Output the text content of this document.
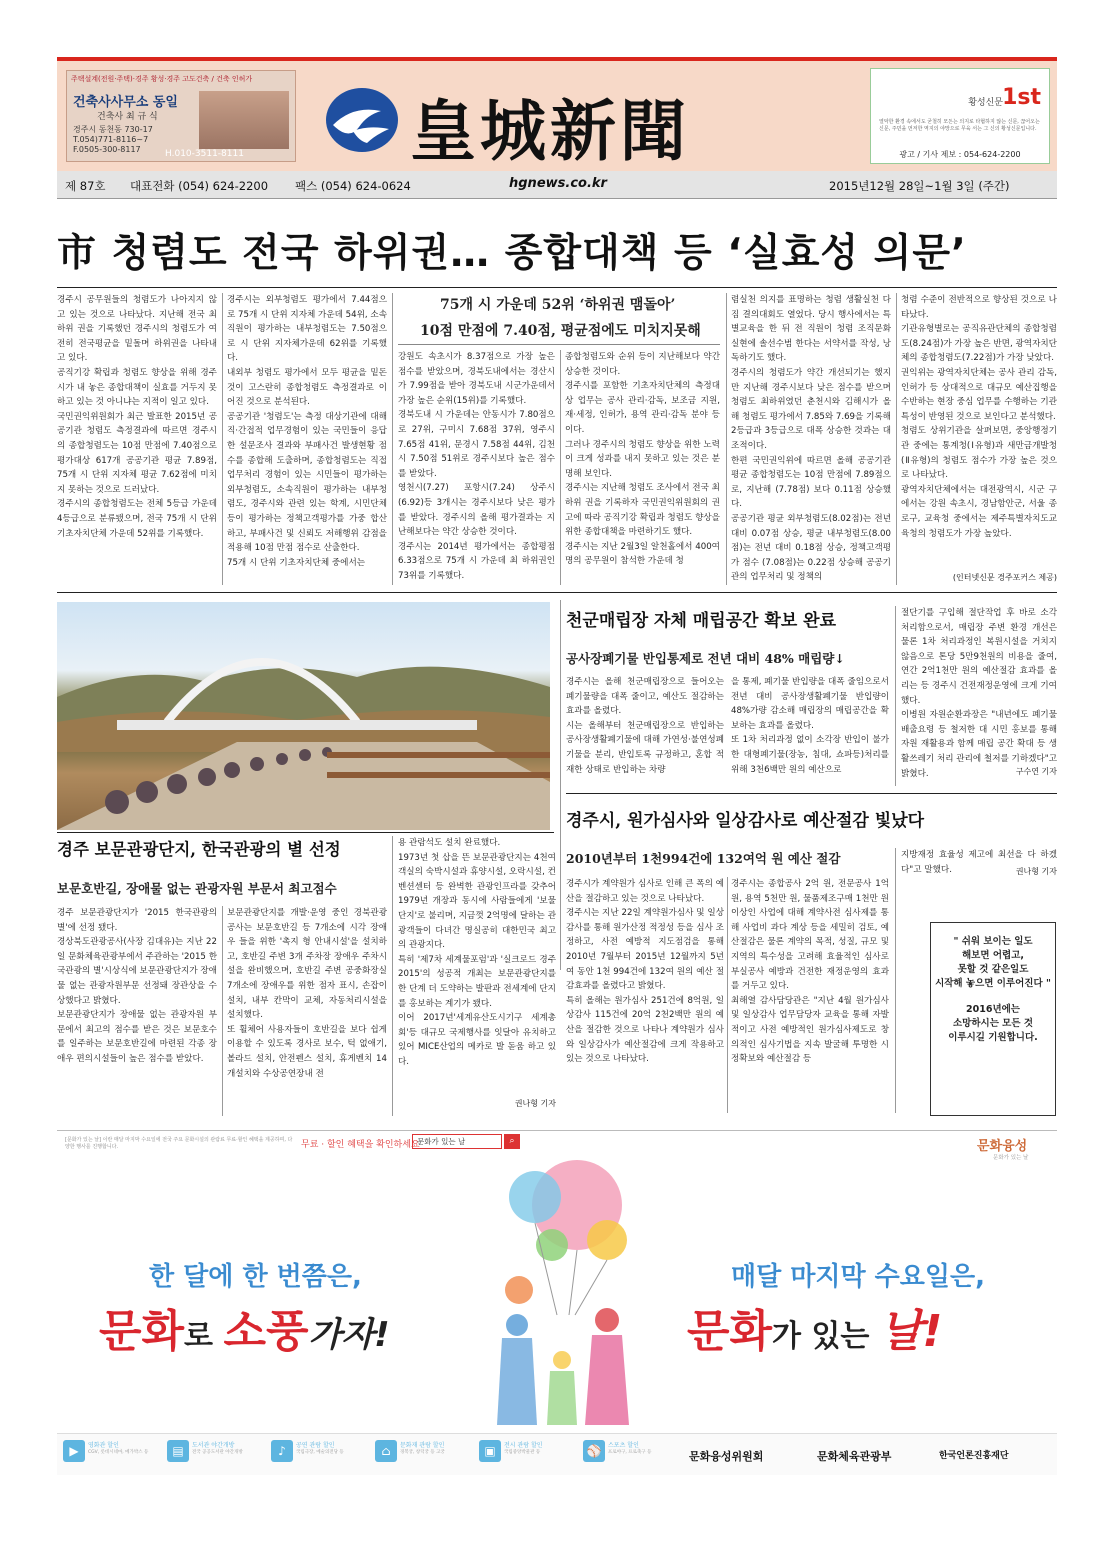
주택설계(전원·주택)·경주 황성·경주 고도건축 / 건축 인허가
건축사사무소 동일
건축사 최 규 식
경주시 동천동 730-17
T.054)771-8116~7
F.0505-300-8117	H.010-3511-8111	皇城新聞	황성신문 1st
열악한 환경 속에서도 굳철히 모든는 의지로 타협하지 않는 신문, 끊어오는 신문, 주민을 먼저한 역지의 야망으로 무육 서는 그 신의 황성신문입니다.
광고 / 기사 제보 : 054-624-2200
제 87호 대표전화 (054) 624-2200 팩스 (054) 624-0624	hgnews.co.kr	2015년12월 28일~1월 3일 (주간)
市 청렴도 전국 하위권… 종합대책 등 ‘실효성 의문’
경주시 공무원들의 청렴도가 나아지지 않고 있는 것으로 나타났다. 지난해 전국 최하위 권을 기록했던 경주시의 청렴도가 여전히 전국평균을 밑돌며 하위권을 나타내고 있다.
공직기강 확립과 청렴도 향상을 위해 경주시가 내 놓은 종합대책이 실효를 거두지 못하고 있는 것 아니냐는 지적이 일고 있다.
국민권익위원회가 최근 발표한 2015년 공공기관 청렴도 측정결과에 따르면 경주시의 종합청렴도는 10점 만점에 7.40점으로 평가대상 617개 공공기관 평균 7.89점, 75개 시 단위 지자체 평균 7.62점에 미치지 못하는 것으로 드러났다.
경주시의 종합청렴도는 전체 5등급 가운데 4등급으로 분류됐으며, 전국 75개 시 단위 기초자치단체 가운데 52위를 기록했다.
경주시는 외부청렴도 평가에서 7.44점으로 75개 시 단위 지자체 가운데 54위, 소속직원이 평가하는 내부청렴도는 7.50점으로 시 단위 지자체가운데 62위를 기록했다.
내외부 청렴도 평가에서 모두 평균을 밑돈 것이 고스란히 종합청렴도 측정결과로 이어진 것으로 분석된다.
공공기관 '청렴도'는 측정 대상기관에 대해 직·간접적 업무경험이 있는 국민들이 응답한 설문조사 결과와 부패사건 발생현황 점수를 종합해 도출하며, 종합청렴도는 직접 업무처리 경험이 있는 시민들이 평가하는 외부청렴도, 소속직원이 평가하는 내부청렴도, 경주시와 관련 있는 학계, 시민단체 등이 평가하는 정책고객평가를 가중 합산하고, 부패사건 및 신뢰도 저해행위 감점을 적용해 10점 만점 점수로 산출한다.
75개 시 단위 기초자치단체 중에서는
75개 시 가운데 52위 ‘하위권 맴돌아’
10점 만점에 7.40점, 평균점에도 미치지못해
강원도 속초시가 8.37점으로 가장 높은 점수를 받았으며, 경북도내에서는 경산시가 7.99점을 받아 경북도내 시군가운데서 가장 높은 순위(15위)를 기록했다.
경북도내 시 가운데는 안동시가 7.80점으로 27위, 구미시 7.68점 37위, 영주시 7.65점 41위, 문경시 7.58점 44위, 김천시 7.50점 51위로 경주시보다 높은 점수를 받았다.
영천시(7.27) 포항시(7.24) 상주시(6.92)등 3개시는 경주시보다 낮은 평가를 받았다. 경주시의 올해 평가결과는 지난해보다는 약간 상승한 것이다.
경주시는 2014년 평가에서는 종합평점 6.33점으로 75개 시 가운데 최 하위권인 73위를 기록했다.
종합청렴도와 순위 등이 지난해보다 약간 상승한 것이다.
경주시를 포함한 기초자치단체의 측정대상 업무는 공사 관리·감독, 보조금 지원, 재·세정, 인허가, 용역 관리·감독 분야 등이다.
그러나 경주시의 청렴도 향상을 위한 노력이 크게 성과를 내지 못하고 있는 것은 분명해 보인다.
경주시는 지난해 청렴도 조사에서 전국 최하위 권을 기록하자 국민권익위원회의 권고에 따라 공직기강 확립과 청렴도 향상을 위한 종합대책을 마련하기도 했다.
경주시는 지난 2월3일 알천홀에서 400여명의 공무원이 참석한 가운데 청
렴실천 의지를 표명하는 청렴 생활실천 다짐 결의대회도 열었다. 당시 행사에서는 특별교육을 한 뒤 전 직원이 청렴 조직문화 실현에 솔선수범 한다는 서약서를 작성, 낭독하기도 했다.
경주시의 청렴도가 약간 개선되기는 했지만 지난해 경주시보다 낮은 점수를 받으며 청렴도 최하위였던 춘천시와 김해시가 올해 청렴도 평가에서 7.85와 7.69을 기록해 2등급과 3등급으로 대폭 상승한 것과는 대조적이다.
한편 국민권익위에 따르면 올해 공공기관 평균 종합청렴도는 10점 만점에 7.89점으로, 지난해 (7.78점) 보다 0.11점 상승했다.
공공기관 평균 외부청렴도(8.02점)는 전년 대비 0.07점 상승, 평균 내부청렴도(8.00점)는 전년 대비 0.18점 상승, 정책고객평가 점수 (7.08점)는 0.22점 상승해 공공기관의 업무처리 및 정책의
청렴 수준이 전반적으로 향상된 것으로 나타났다.
기관유형별로는 공직유관단체의 종합청렴도(8.24점)가 가장 높은 반면, 광역자치단체의 종합청렴도(7.22점)가 가장 낮았다.
권익위는 광역자치단체는 공사 관리 감독, 인허가 등 상대적으로 대규모 예산집행을 수반하는 현장 중심 업무를 수행하는 기관 특성이 반영된 것으로 보인다고 분석했다.
청렴도 상위기관을 살펴보면, 중앙행정기관 중에는 통계청(Ⅰ유형)과 새만금개발청(Ⅱ유형)의 청렴도 점수가 가장 높은 것으로 나타났다.
광역자치단체에서는 대전광역시, 시군 구에서는 강원 속초시, 경남함안군, 서울 종로구, 교육청 중에서는 제주특별자치도교육청의 청렴도가 가장 높았다.
(인터넷신문 경주포커스 제공)
천군매립장 자체 매립공간 확보 완료
공사장폐기물 반입통제로 전년 대비 48% 매립량↓
경주시는 올해 천군매립장으로 들어오는 폐기물량을 대폭 줄이고, 예산도 절감하는 효과를 올렸다.
시는 올해부터 천군매립장으로 반입하는 공사장생활폐기물에 대해 가연성·불연성폐기물을 분리, 반입토록 규정하고, 혼합 적재한 상태로 반입하는 차량
을 통제, 폐기물 반입량을 대폭 줄임으로서 전년 대비 공사장생활폐기물 반입량이 48%가량 감소해 매립장의 매립공간을 확보하는 효과를 올렸다.
또 1차 처리과정 없이 소각장 반입이 불가한 대형폐기물(장농, 침대, 쇼파등)처리를 위해 3천6백만 원의 예산으로
절단기를 구입해 절단작업 후 바로 소각 처리함으로서, 매립장 주변 환경 개선은 물론 1차 처리과정인 복원시설을 거치지 않음으로 톤당 5만9천원의 비용을 줄여, 연간 2억1천만 원의 예산절감 효과를 올리는 등 경주시 건전재정운영에 크게 기여했다.
이병원 자원순환과장은 "내년에도 폐기물 배출요령 등 철저한 대 시민 홍보를 통해 자원 재활용과 함께 매립 공간 확대 등 생활쓰레기 처리 관리에 철저를 기하겠다"고 밝혔다.	구수연 기자
경주시, 원가심사와 일상감사로 예산절감 빛났다
2010년부터 1천994건에 132여억 원 예산 절감
경주시가 계약원가 심사로 인해 큰 폭의 예산을 절감하고 있는 것으로 나타났다.
경주시는 지난 22일 계약원가심사 및 일상감사를 통해 원가산정 적정성 등을 심사 조정하고, 사전 예방적 지도점검을 통해 2010년 7월부터 2015년 12월까지 5년여 동안 1천 994건에 132여 원의 예산 절감효과를 올렸다고 밝혔다.
특히 올해는 원가심사 251건에 8억원, 일상감사 115건에 20억 2천2백만 원의 예산을 절감한 것으로 나타나 계약원가 심사와 일상감사가 예산절감에 크게 작용하고 있는 것으로 나타났다.
경주시는 종합공사 2억 원, 전문공사 1억 원, 용역 5천만 원, 물품제조구매 1천만 원 이상인 사업에 대해 계약사전 심사제를 통해 사업비 과다 계상 등을 세밀히 검토, 예산절감은 물론 계약의 목적, 성질, 규모 및 지역의 특수성을 고려해 효율적인 심사로 부실공사 예방과 건전한 재정운영의 효과를 거두고 있다.
최해열 감사담당관은 "지난 4월 원가심사 및 일상감사 업무담당자 교육을 통해 자발적이고 사전 예방적인 원가심사제도로 창의적인 심사기법을 지속 발굴해 투명한 시정확보와 예산절감 등
지방재정 효율성 제고에 최선을 다 하겠다"고 말했다.	권나형 기자
" 쉬워 보이는 일도
해보면 어렵고,
못할 것 같은일도
시작해 놓으면 이루어진다 "
2016년에는
소망하시는 모든 것
이루시길 기원합니다.
경주 보문관광단지, 한국관광의 별 선정
보문호반길, 장애물 없는 관광자원 부문서 최고점수
경주 보문관광단지가 '2015 한국관광의 별'에 선정 됐다.
경상북도관광공사(사장 김대유)는 지난 22일 문화체육관광부에서 주관하는 '2015 한국관광의 별'시상식에 보문관광단지가 장애물 없는 관광자원부문 선정돼 장관상을 수상했다고 밝혔다.
보문관광단지가 장애물 없는 관광자원 부문에서 최고의 점수를 받은 것은 보문호수를 일주하는 보문호반길에 마련된 각종 장애우 편의시설들이 높은 점수를 받았다.
보문관광단지를 개발·운영 중인 경북관광공사는 보문호반길 등 7개소에 시각 장애우 들을 위한 '촉지 형 안내시설'을 설치하고, 호반길 주변 3개 주차장 장애우 주차시설을 완비했으며, 호반길 주변 공중화장실 7개소에 장애우를 위한 점자 표시, 손잡이 설치, 내부 칸막이 교체, 자동처리시설을 설치했다.
또 휠체어 사용자들이 호반길을 보다 쉽게 이용할 수 있도록 경사로 보수, 턱 없애기, 볼라드 설치, 안전펜스 설치, 휴게벤치 14개설치와 수상공연장내 전
용 관람석도 설치 완료했다.
1973년 첫 삽을 뜬 보문관광단지는 4천여 객실의 숙박시설과 휴양시설, 오락시설, 컨벤션센터 등 완벽한 관광인프라를 갖추어 1979년 개장과 동시에 사람들에게 '보물단지'로 불리며, 지금껏 2억명에 달하는 관광객들이 다녀간 명실공히 대한민국 최고의 관광지다.
특히 '제7차 세계물포럼'과 '실크로드 경주 2015'의 성공적 개최는 보문관광단지를 한 단계 더 도약하는 발판과 전세계에 단지를 홍보하는 계기가 됐다.
이어 2017년'세계유산도시기구 세계총회'등 대규모 국제행사를 잇달아 유치하고 있어 MICE산업의 메카로 발 돋움 하고 있다.
권나형 기자
[문화가 있는 날] 이란 매달 마지막 수요일에 전국 주요 문화시설의 관람료 무료·할인 혜택을 제공하며, 다양한 행사를 진행합니다.	무료 · 할인 혜택을 확인하세요
문화가 있는 날	⌕	문화융성
문화가 있는 날
한 달에 한 번쯤은,
문화로 소풍가자!
매달 마지막 수요일은,
문화가 있는 날!
▶	영화관 할인
CGV, 롯데시네마, 메가박스 등	▤	도서관 야간개방
전국 공공도서관 야간개방	♪	공연 관람 할인
국립극장, 예술의전당 등	⌂	문화재 관람 할인
경복궁, 창덕궁 등 고궁	▣	전시 관람 할인
국립중앙박물관 등	⚾	스포츠 할인
프로야구, 프로축구 등	문화융성위원회	문화체육관광부	한국언론진흥재단
